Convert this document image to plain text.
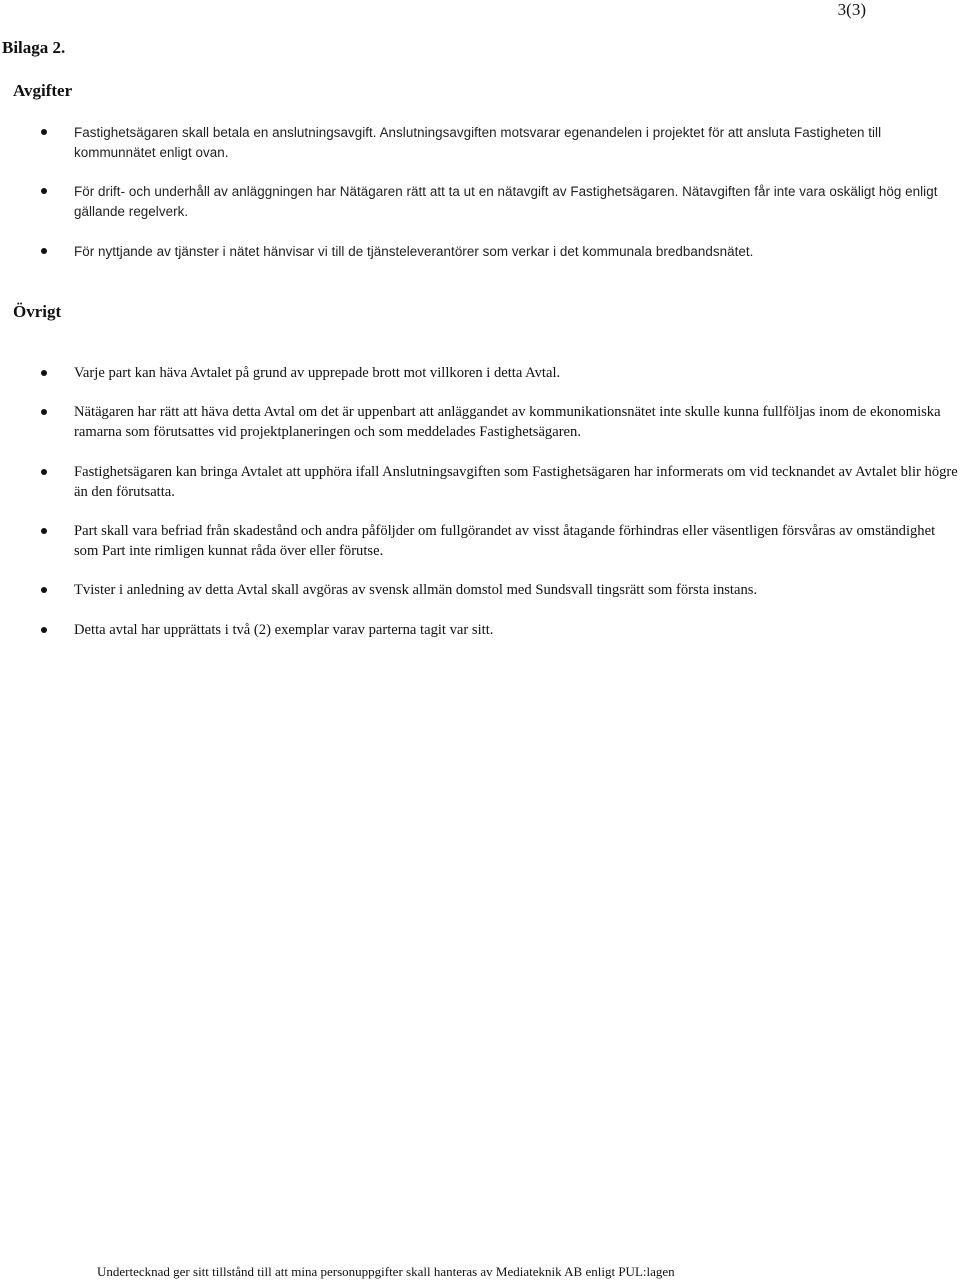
3(3)
Bilaga 2.
Avgifter

Fastighetsägaren skall betala en anslutningsavgift. Anslutningsavgiften motsvarar egenandelen i projektet för att ansluta Fastigheten till kommunnätet enligt ovan.

För drift- och underhåll av anläggningen har Nätägaren rätt att ta ut en nätavgift av Fastighetsägaren. Nätavgiften får inte vara oskäligt hög enligt gällande regelverk.

För nyttjande av tjänster i nätet hänvisar vi till de tjänsteleverantörer som verkar i det kommunala bredbandsnätet.

Övrigt

Varje part kan häva Avtalet på grund av upprepade brott mot villkoren i detta Avtal.

Nätägaren har rätt att häva detta Avtal om det är uppenbart att anläggandet av kommunikationsnätet inte skulle kunna fullföljas inom de ekonomiska ramarna som förutsattes vid projektplaneringen och som meddelades Fastighetsägaren.

Fastighetsägaren kan bringa Avtalet att upphöra ifall Anslutningsavgiften som Fastighetsägaren har informerats om vid tecknandet av Avtalet blir högre än den förutsatta.

Part skall vara befriad från skadestånd och andra påföljder om fullgörandet av visst åtagande förhindras eller väsentligen försvåras av omständighet som Part inte rimligen kunnat råda över eller förutse.

Tvister i anledning av detta Avtal skall avgöras av svensk allmän domstol med Sundsvall tingsrätt som första instans.

Detta avtal har upprättats i två (2) exemplar varav parterna tagit var sitt.

Undertecknad ger sitt tillstånd till att mina personuppgifter skall hanteras av Mediateknik AB enligt PUL:lagen
